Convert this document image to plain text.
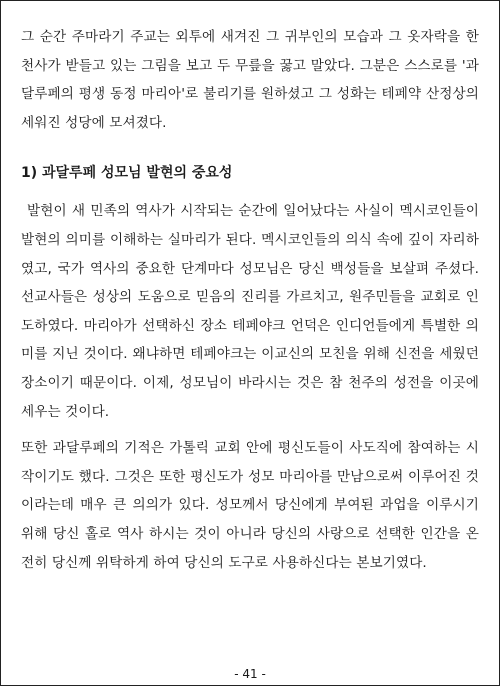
그 순간 주마라기 주교는 외투에 새겨진 그 귀부인의 모습과 그 옷자락을 한 천사가 받들고 있는 그림을 보고 두 무릎을 꿇고 말았다. 그분은 스스로를 '과달루페의 평생 동정 마리아'로 불리기를 원하셨고 그 성화는 테페약 산정상의 세워진 성당에 모셔졌다.

1) 과달루페 성모님 발현의 중요성

발현이 새 민족의 역사가 시작되는 순간에 일어났다는 사실이 멕시코인들이 발현의 의미를 이해하는 실마리가 된다. 멕시코인들의 의식 속에 깊이 자리하였고, 국가 역사의 중요한 단계마다 성모님은 당신 백성들을 보살펴 주셨다. 선교사들은 성상의 도움으로 믿음의 진리를 가르치고, 원주민들을 교회로 인도하였다. 마리아가 선택하신 장소 테페야크 언덕은 인디언들에게 특별한 의미를 지닌 것이다. 왜냐하면 테페야크는 이교신의 모친을 위해 신전을 세웠던 장소이기 때문이다. 이제, 성모님이 바라시는 것은 참 천주의 성전을 이곳에 세우는 것이다.

또한 과달루페의 기적은 가톨릭 교회 안에 평신도들이 사도직에 참여하는 시작이기도 했다. 그것은 또한 평신도가 성모 마리아를 만남으로써 이루어진 것이라는데 매우 큰 의의가 있다. 성모께서 당신에게 부여된 과업을 이루시기 위해 당신 홀로 역사 하시는 것이 아니라 당신의 사랑으로 선택한 인간을 온전히 당신께 위탁하게 하여 당신의 도구로 사용하신다는 본보기였다.

- 41 -
